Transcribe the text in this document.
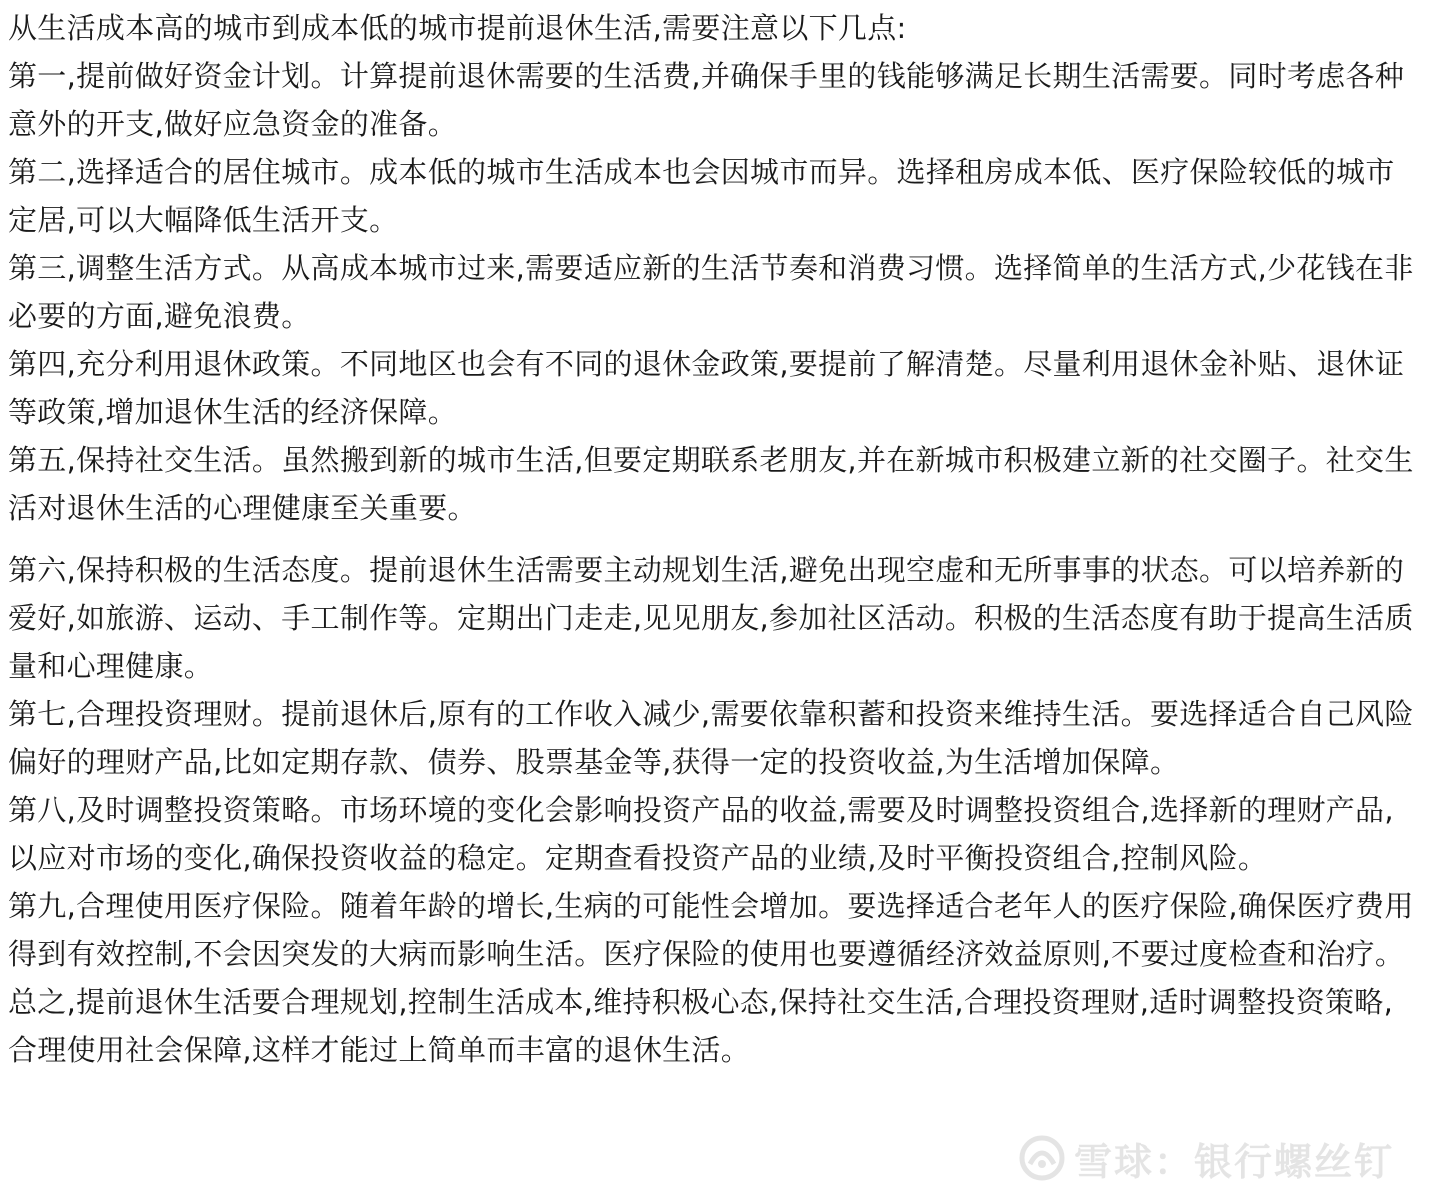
从生活成本高的城市到成本低的城市提前退休生活,需要注意以下几点:

第一,提前做好资金计划。计算提前退休需要的生活费,并确保手里的钱能够满足长期生活需要。同时考虑各种意外的开支,做好应急资金的准备。

第二,选择适合的居住城市。成本低的城市生活成本也会因城市而异。选择租房成本低、医疗保险较低的城市定居,可以大幅降低生活开支。

第三,调整生活方式。从高成本城市过来,需要适应新的生活节奏和消费习惯。选择简单的生活方式,少花钱在非必要的方面,避免浪费。

第四,充分利用退休政策。不同地区也会有不同的退休金政策,要提前了解清楚。尽量利用退休金补贴、退休证等政策,增加退休生活的经济保障。

第五,保持社交生活。虽然搬到新的城市生活,但要定期联系老朋友,并在新城市积极建立新的社交圈子。社交生活对退休生活的心理健康至关重要。

第六,保持积极的生活态度。提前退休生活需要主动规划生活,避免出现空虚和无所事事的状态。可以培养新的爱好,如旅游、运动、手工制作等。定期出门走走,见见朋友,参加社区活动。积极的生活态度有助于提高生活质量和心理健康。

第七,合理投资理财。提前退休后,原有的工作收入减少,需要依靠积蓄和投资来维持生活。要选择适合自己风险偏好的理财产品,比如定期存款、债券、股票基金等,获得一定的投资收益,为生活增加保障。

第八,及时调整投资策略。市场环境的变化会影响投资产品的收益,需要及时调整投资组合,选择新的理财产品,以应对市场的变化,确保投资收益的稳定。定期查看投资产品的业绩,及时平衡投资组合,控制风险。

第九,合理使用医疗保险。随着年龄的增长,生病的可能性会增加。要选择适合老年人的医疗保险,确保医疗费用得到有效控制,不会因突发的大病而影响生活。医疗保险的使用也要遵循经济效益原则,不要过度检查和治疗。

总之,提前退休生活要合理规划,控制生活成本,维持积极心态,保持社交生活,合理投资理财,适时调整投资策略,合理使用社会保障,这样才能过上简单而丰富的退休生活。

雪球：银行螺丝钉
